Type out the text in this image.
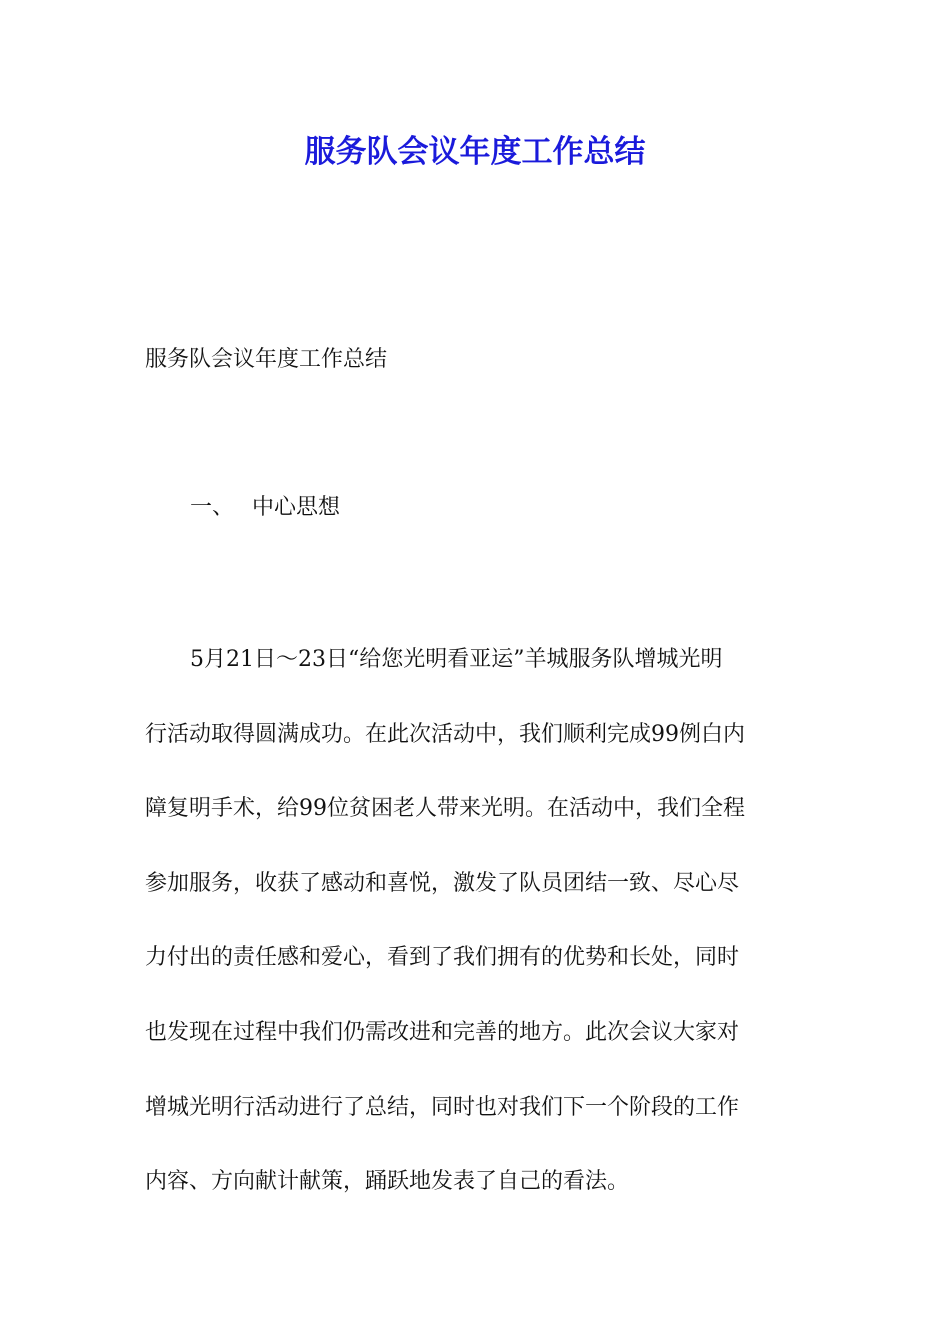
服务队会议年度工作总结

服务队会议年度工作总结

一、 中心思想

5月21日～23日“给您光明看亚运”羊城服务队增城光明
行活动取得圆满成功。在此次活动中，我们顺利完成99例白内
障复明手术，给99位贫困老人带来光明。在活动中，我们全程
参加服务，收获了感动和喜悦，激发了队员团结一致、尽心尽
力付出的责任感和爱心，看到了我们拥有的优势和长处，同时
也发现在过程中我们仍需改进和完善的地方。此次会议大家对
增城光明行活动进行了总结，同时也对我们下一个阶段的工作
内容、方向献计献策，踊跃地发表了自己的看法。
